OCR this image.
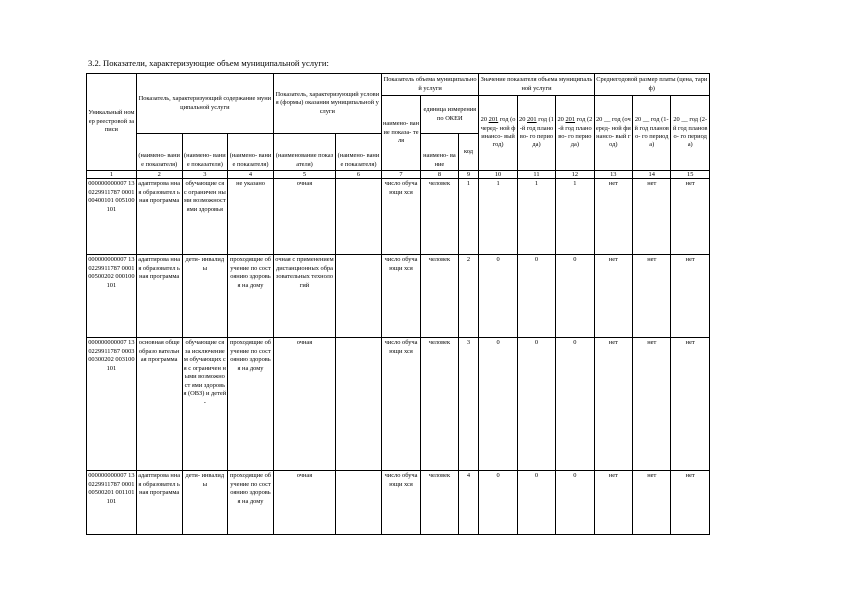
3.2. Показатели, характеризующие объем муниципальной услуги:
Уникальный номер реестровой записи	Показатель, характеризующий содержание муниципальной услуги			Показатель, характеризующий условия (формы) оказания муниципальной услуги		Показатель объема муниципальной услуги			Значение показателя объема муниципальной услуги			Среднегодовой размер платы (цена, тариф)		
						наимено- вание показа- теля	единица измерения по ОКЕИ		20 201 год (очеред- ной финансо- вый год)	20 201 год (1-й год планово- го периода)	20 201 год (2-й год планово- го периода)	20 __ год (очеред- ной финансо- вый год)	20 __ год (1-й год планово- го периода)	20 __ год (2-й год планово- го периода)
	(наимено- вание показателя)	(наимено- вание показателя)	(наимено- вание показателя)	(наименование показателя)	(наимено- вание показателя)		наимено- вание	код						
1	2	3	4	5	6	7	8	9	10	11	12	13	14	15
000000000007 130229911787 000100400101 005100101	адаптирова нная образовател ьная программа	обучающие ся с ограничен ными возможност ями здоровья	не указано	очная		число обучающи хся	человек	1	1	1	1	нет	нет	нет
000000000007 130229911787 000100500202 000100101	адаптирова нная образовател ьная программа	дети- инвалиды	проходящие обучение по состоянию здоровья на дому	очная с применением дистанционных образовательных технологий		число обучающи хся	человек	2	0	0	0	нет	нет	нет
000000000007 130229911787 000300300202 003100101	основная общеобразо вательная программа	обучающие ся за исключение м обучающих ся с ограничен ными возможност ями здоровья (ОВЗ) и детей-	проходящие обучение по состоянию здоровья на дому	очная		число обучающи хся	человек	3	0	0	0	нет	нет	нет
000000000007 130229911787 000100500201 001101101	адаптирова нная образовател ьная программа	дети- инвалиды	проходящие обучение по состоянию здоровья на дому	очная		число обучающи хся	человек	4	0	0	0	нет	нет	нет
